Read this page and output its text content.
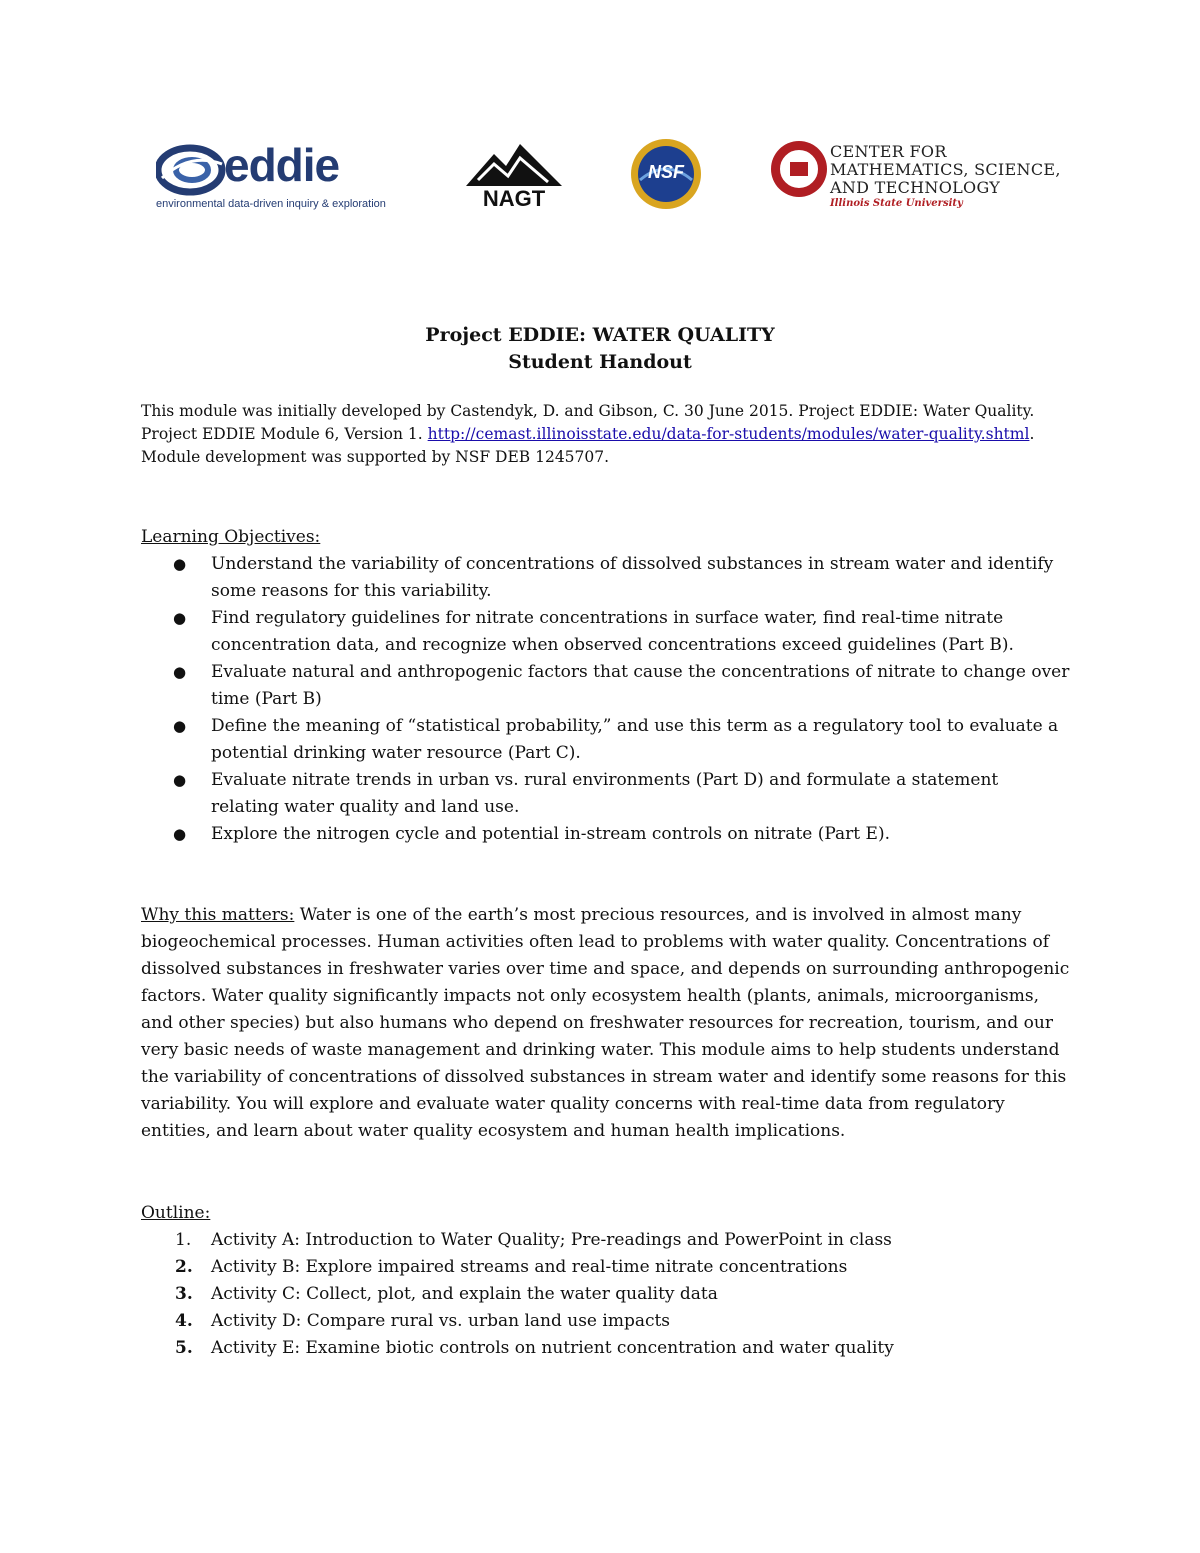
eddie
environmental data-driven inquiry & exploration	NAGT
NSF
CENTER FOR
MATHEMATICS, SCIENCE,
AND TECHNOLOGY
Illinois State University
Project EDDIE: WATER QUALITY
Student Handout
This module was initially developed by Castendyk, D. and Gibson, C. 30 June 2015. Project EDDIE: Water Quality. Project EDDIE Module 6, Version 1. http://cemast.illinoisstate.edu/data-for-students/modules/water-quality.shtml.
Module development was supported by NSF DEB 1245707.
Learning Objectives:
● Understand the variability of concentrations of dissolved substances in stream water and identify some reasons for this variability.
● Find regulatory guidelines for nitrate concentrations in surface water, find real-time nitrate concentration data, and recognize when observed concentrations exceed guidelines (Part B).
● Evaluate natural and anthropogenic factors that cause the concentrations of nitrate to change over time (Part B)
● Define the meaning of “statistical probability,” and use this term as a regulatory tool to evaluate a potential drinking water resource (Part C).
● Evaluate nitrate trends in urban vs. rural environments (Part D) and formulate a statement relating water quality and land use.
● Explore the nitrogen cycle and potential in-stream controls on nitrate (Part E).
Why this matters: Water is one of the earth’s most precious resources, and is involved in almost many biogeochemical processes. Human activities often lead to problems with water quality. Concentrations of dissolved substances in freshwater varies over time and space, and depends on surrounding anthropogenic factors. Water quality significantly impacts not only ecosystem health (plants, animals, microorganisms, and other species) but also humans who depend on freshwater resources for recreation, tourism, and our very basic needs of waste management and drinking water. This module aims to help students understand the variability of concentrations of dissolved substances in stream water and identify some reasons for this variability. You will explore and evaluate water quality concerns with real-time data from regulatory entities, and learn about water quality ecosystem and human health implications.
Outline:
1. Activity A: Introduction to Water Quality; Pre-readings and PowerPoint in class
2. Activity B: Explore impaired streams and real-time nitrate concentrations
3. Activity C: Collect, plot, and explain the water quality data
4. Activity D: Compare rural vs. urban land use impacts
5. Activity E: Examine biotic controls on nutrient concentration and water quality
